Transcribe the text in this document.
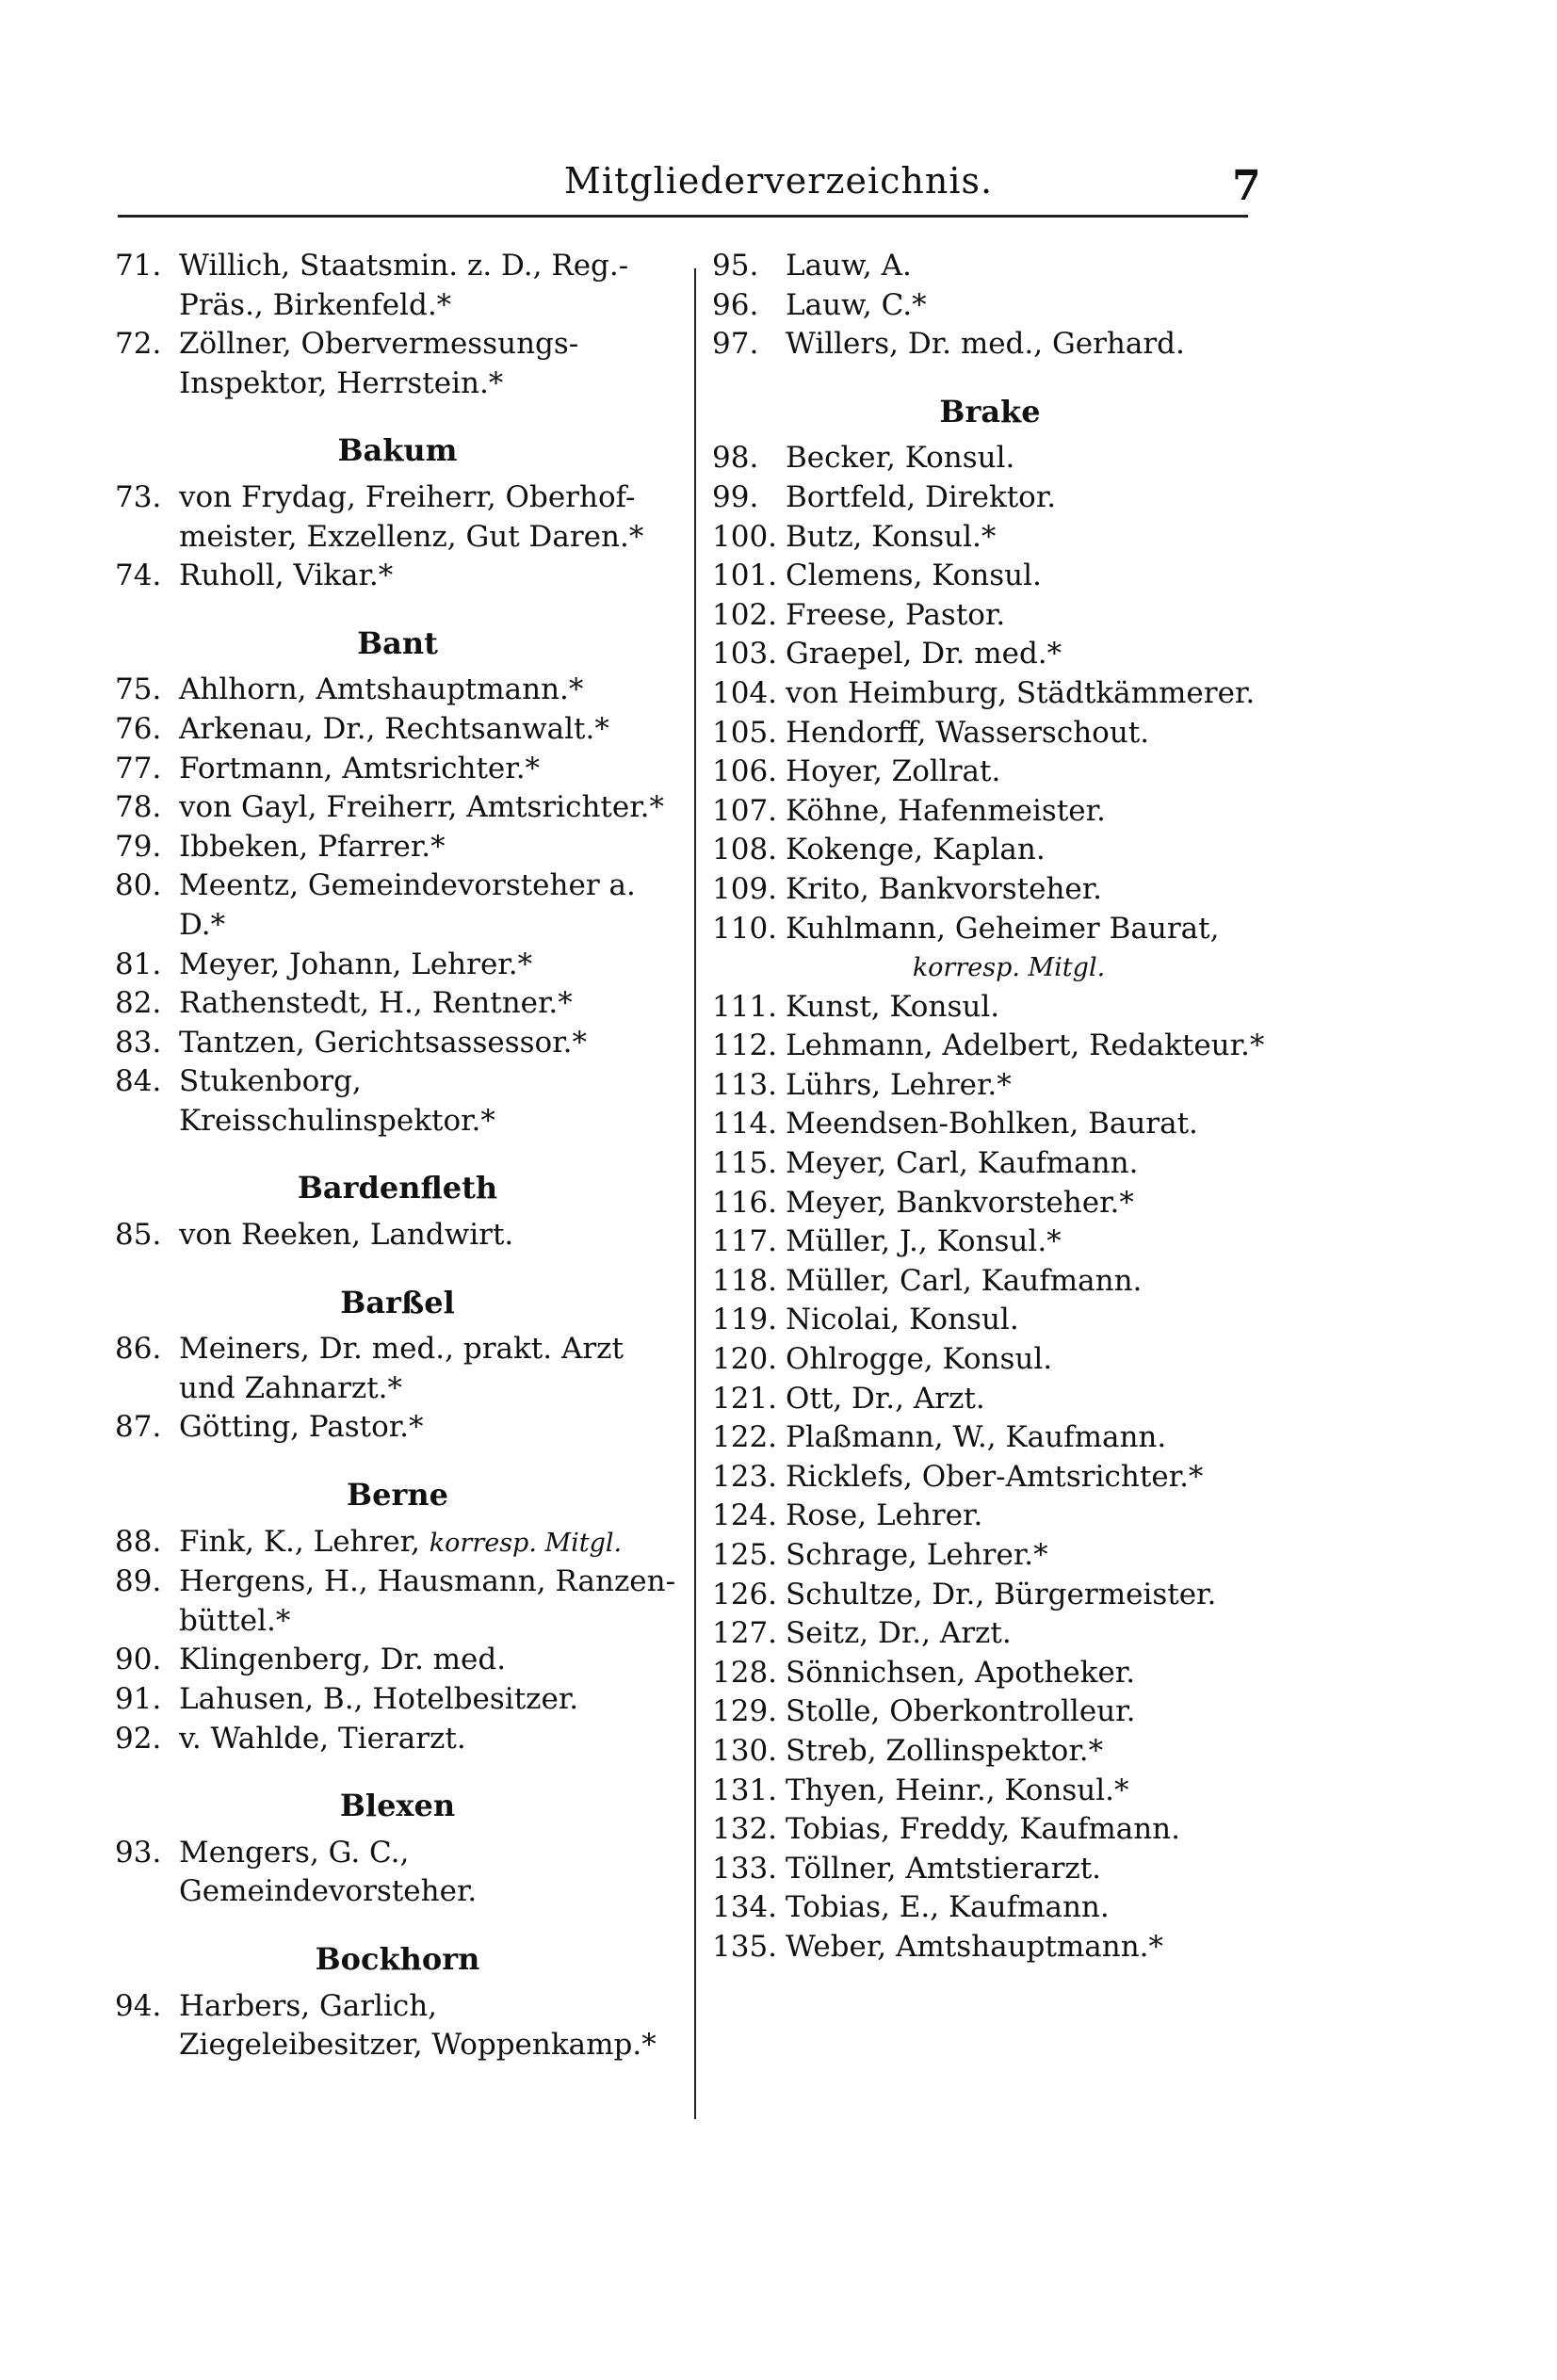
Mitgliederverzeichnis.	7
71. Willich, Staatsmin. z. D., Reg.-Präs., Birkenfeld.*
72. Zöllner, Obervermessungs-Inspektor, Herrstein.*
Bakum
73. von Frydag, Freiherr, Oberhof-meister, Exzellenz, Gut Daren.*
74. Ruholl, Vikar.*
Bant
75. Ahlhorn, Amtshauptmann.*
76. Arkenau, Dr., Rechtsanwalt.*
77. Fortmann, Amtsrichter.*
78. von Gayl, Freiherr, Amtsrichter.*
79. Ibbeken, Pfarrer.*
80. Meentz, Gemeindevorsteher a. D.*
81. Meyer, Johann, Lehrer.*
82. Rathenstedt, H., Rentner.*
83. Tantzen, Gerichtsassessor.*
84. Stukenborg, Kreisschulinspektor.*
Bardenfleth
85. von Reeken, Landwirt.
Barßel
86. Meiners, Dr. med., prakt. Arzt und Zahnarzt.*
87. Götting, Pastor.*
Berne
88. Fink, K., Lehrer, korresp. Mitgl.
89. Hergens, H., Hausmann, Ranzen-büttel.*
90. Klingenberg, Dr. med.
91. Lahusen, B., Hotelbesitzer.
92. v. Wahlde, Tierarzt.
Blexen
93. Mengers, G. C., Gemeindevorsteher.
Bockhorn
94. Harbers, Garlich, Ziegeleibesitzer, Woppenkamp.*
95. Lauw, A.
96. Lauw, C.*
97. Willers, Dr. med., Gerhard.
Brake
98. Becker, Konsul.
99. Bortfeld, Direktor.
100. Butz, Konsul.*
101. Clemens, Konsul.
102. Freese, Pastor.
103. Graepel, Dr. med.*
104. von Heimburg, Städtkämmerer.
105. Hendorff, Wasserschout.
106. Hoyer, Zollrat.
107. Köhne, Hafenmeister.
108. Kokenge, Kaplan.
109. Krito, Bankvorsteher.
110. Kuhlmann, Geheimer Baurat,
korresp. Mitgl.
111. Kunst, Konsul.
112. Lehmann, Adelbert, Redakteur.*
113. Lührs, Lehrer.*
114. Meendsen-Bohlken, Baurat.
115. Meyer, Carl, Kaufmann.
116. Meyer, Bankvorsteher.*
117. Müller, J., Konsul.*
118. Müller, Carl, Kaufmann.
119. Nicolai, Konsul.
120. Ohlrogge, Konsul.
121. Ott, Dr., Arzt.
122. Plaßmann, W., Kaufmann.
123. Ricklefs, Ober-Amtsrichter.*
124. Rose, Lehrer.
125. Schrage, Lehrer.*
126. Schultze, Dr., Bürgermeister.
127. Seitz, Dr., Arzt.
128. Sönnichsen, Apotheker.
129. Stolle, Oberkontrolleur.
130. Streb, Zollinspektor.*
131. Thyen, Heinr., Konsul.*
132. Tobias, Freddy, Kaufmann.
133. Töllner, Amtstierarzt.
134. Tobias, E., Kaufmann.
135. Weber, Amtshauptmann.*
